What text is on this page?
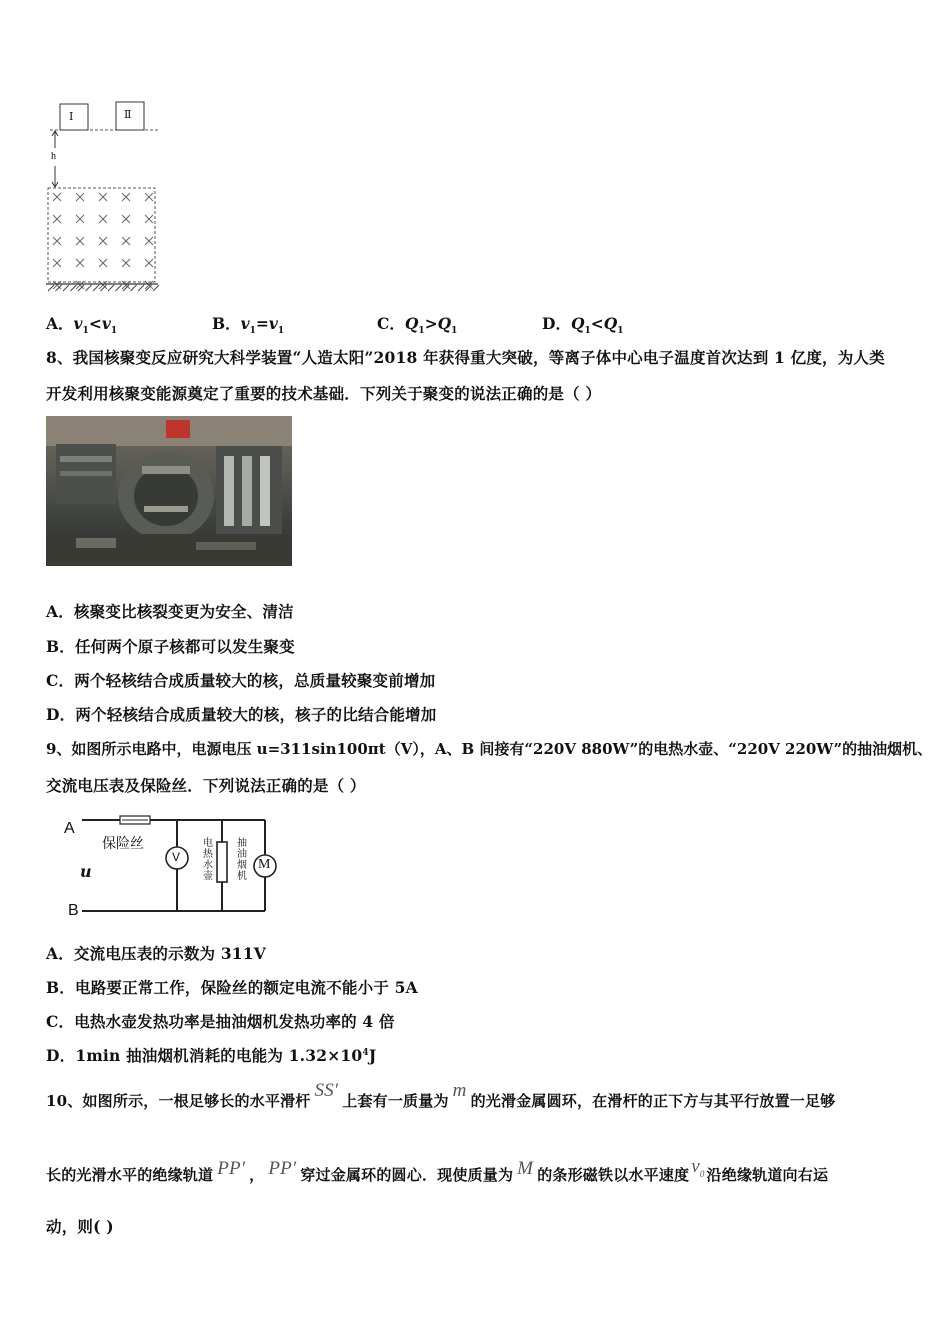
Ⅰ	Ⅱ
h
A．$v_1<v_1$	B．$v_1=v_1$	C．$Q_1>Q_1$	D．$Q_1<Q_1$
8、我国核聚变反应研究大科学装置“人造太阳”2018 年获得重大突破，等离子体中心电子温度首次达到 1 亿度，为人类
开发利用核聚变能源奠定了重要的技术基础．下列关于聚变的说法正确的是（ ）
A．核聚变比核裂变更为安全、清洁
B．任何两个原子核都可以发生聚变
C．两个轻核结合成质量较大的核，总质量较聚变前增加
D．两个轻核结合成质量较大的核，核子的比结合能增加
9、如图所示电路中，电源电压 u=311sin100πt（V），A、B 间接有“220V 880W”的电热水壶、“220V 220W”的抽油烟机、
交流电压表及保险丝．下列说法正确的是（ ）
A
B
u
保险丝
V
电热水壶
M
抽油烟机
A．交流电压表的示数为 311V
B．电路要正常工作，保险丝的额定电流不能小于 5A
C．电热水壶发热功率是抽油烟机发热功率的 4 倍
D．1min 抽油烟机消耗的电能为 $1.32\times 10^4J$
10、如图所示，一根足够长的水平滑杆 SS′ 上套有一质量为 m 的光滑金属圆环，在滑杆的正下方与其平行放置一足够
长的光滑水平的绝缘轨道 PP′ ， PP′ 穿过金属环的圆心．现使质量为 M 的条形磁铁以水平速度 $v_0$ 沿绝缘轨道向右运
动，则( )
